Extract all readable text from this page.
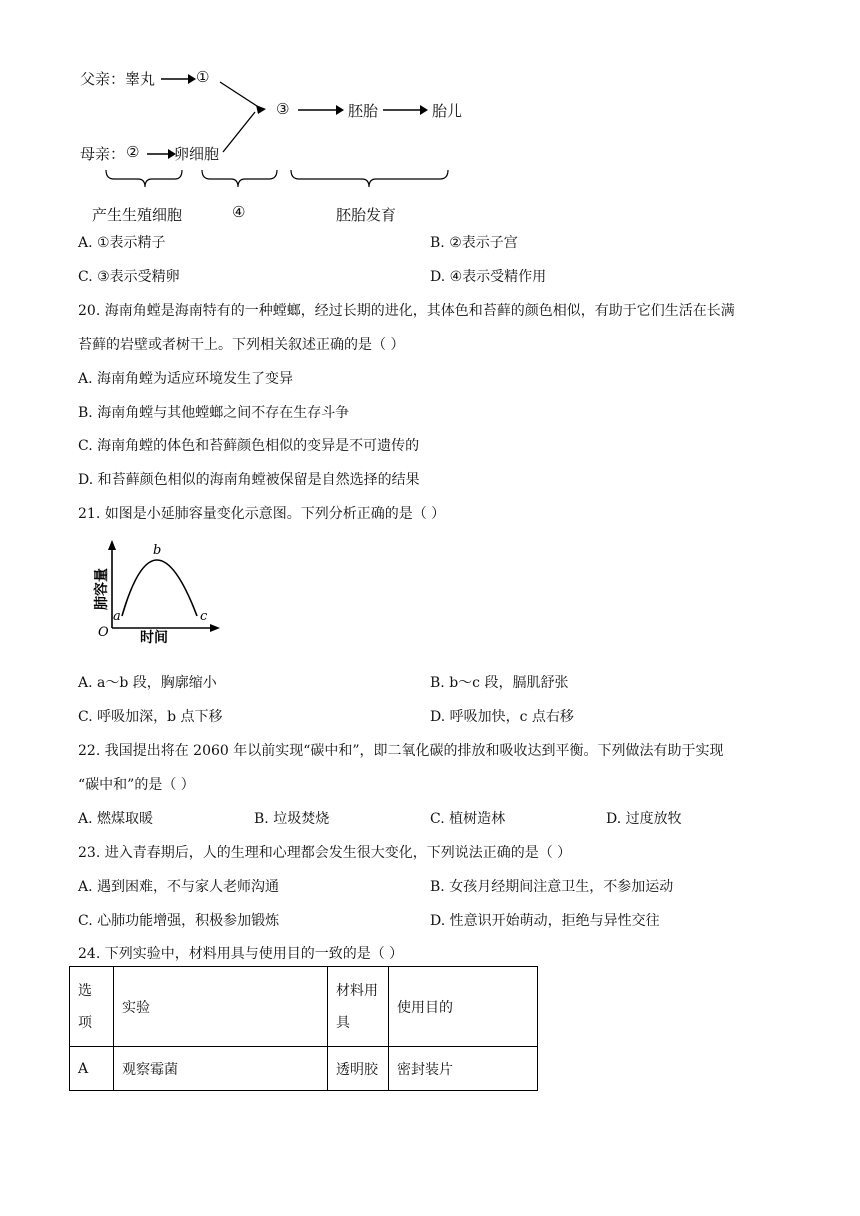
父亲：睾丸	①
母亲： ② 卵细胞
③	胚胎	胎儿
产生生殖细胞	④	胚胎发育
A. ①表示精子	B. ②表示子宫
C. ③表示受精卵	D. ④表示受精作用
20. 海南角螳是海南特有的一种螳螂，经过长期的进化，其体色和苔藓的颜色相似，有助于它们生活在长满
苔藓的岩壁或者树干上。下列相关叙述正确的是（ ）
A. 海南角螳为适应环境发生了变异
B. 海南角螳与其他螳螂之间不存在生存斗争
C. 海南角螳的体色和苔藓颜色相似的变异是不可遗传的
D. 和苔藓颜色相似的海南角螳被保留是自然选择的结果
21. 如图是小延肺容量变化示意图。下列分析正确的是（ ）
a
b
c
O 时间
肺容量
A. a～b 段，胸廓缩小	B. b～c 段，膈肌舒张
C. 呼吸加深，b 点下移	D. 呼吸加快，c 点右移
22. 我国提出将在 2060 年以前实现“碳中和”，即二氧化碳的排放和吸收达到平衡。下列做法有助于实现
“碳中和”的是（ ）
A. 燃煤取暖	B. 垃圾焚烧	C. 植树造林	D. 过度放牧
23. 进入青春期后，人的生理和心理都会发生很大变化，下列说法正确的是（ ）
A. 遇到困难，不与家人老师沟通	B. 女孩月经期间注意卫生，不参加运动
C. 心肺功能增强，积极参加锻炼	D. 性意识开始萌动，拒绝与异性交往
24. 下列实验中，材料用具与使用目的一致的是（ ）
选项	实验	材料用具	使用目的
A	观察霉菌	透明胶	密封装片
